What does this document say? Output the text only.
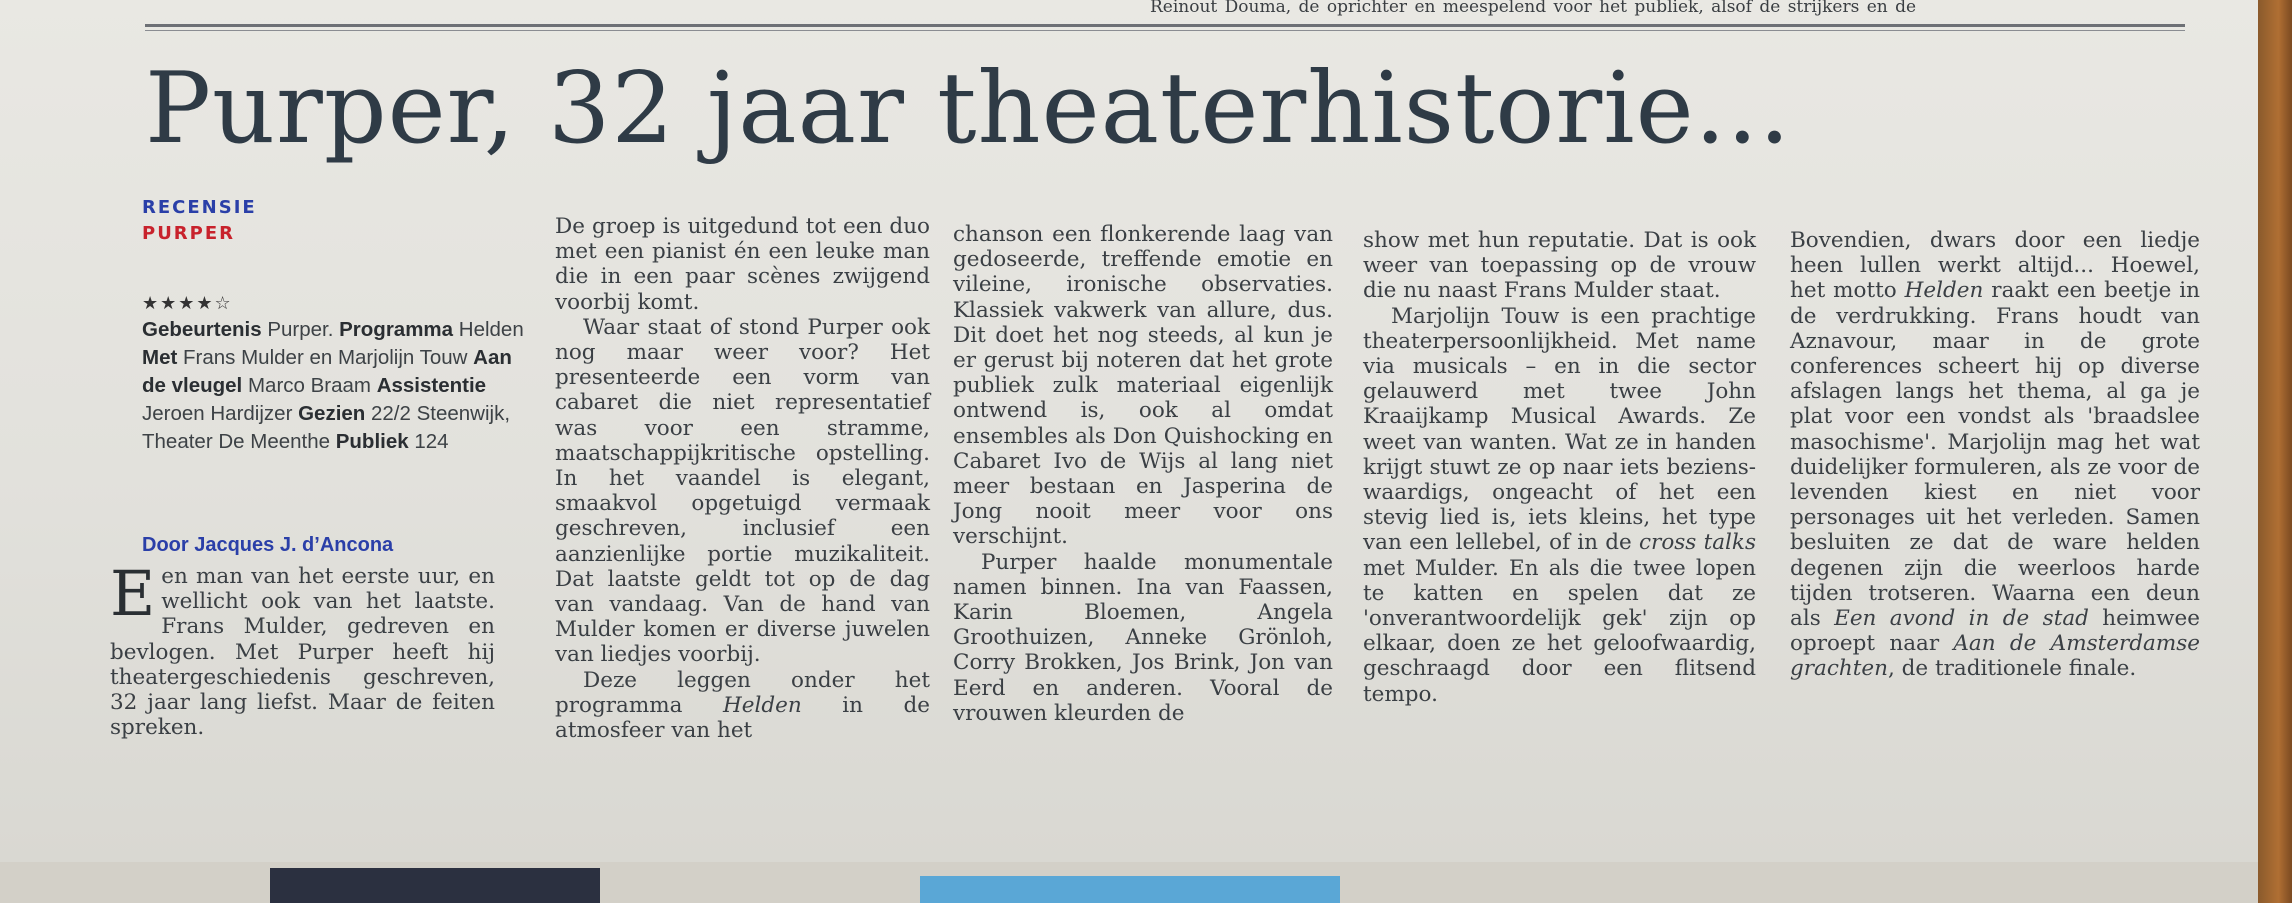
Reinout Douma, de oprichter en meespelend voor het publiek, alsof de strijkers en de
Purper, 32 jaar theaterhistorie...
RECENSIE
PURPER
★★★★☆
Gebeurtenis Purper. Programma Helden Met Frans Mulder en Marjolijn Touw Aan de vleugel Marco Braam Assistentie Jeroen Hardijzer Gezien 22/2 Steenwijk, Theater De Meenthe Publiek 124
Door Jacques J. d’Ancona

Een man van het eerste uur, en wellicht ook van het laatste. Frans Mulder, gedreven en bevlogen. Met Purper heeft hij theatergeschiedenis geschreven, 32 jaar lang liefst. Maar de feiten spreken.

De groep is uitgedund tot een duo met een pianist én een leuke man die in een paar scènes zwijgend voorbij komt.

Waar staat of stond Purper ook nog maar weer voor? Het presenteerde een vorm van cabaret die niet representatief was voor een stramme, maatschappijkritische opstelling. In het vaandel is elegant, smaakvol opgetuigd vermaak geschreven, inclusief een aanzienlijke portie muzikaliteit. Dat laatste geldt tot op de dag van vandaag. Van de hand van Mulder komen er diverse juwelen van liedjes voorbij.

Deze leggen onder het programma Helden in de atmosfeer van het

chanson een flonkerende laag van gedoseerde, treffende emotie en vileine, ironische observaties. Klassiek vakwerk van allure, dus. Dit doet het nog steeds, al kun je er gerust bij noteren dat het grote publiek zulk materiaal eigenlijk ontwend is, ook al omdat ensembles als Don Quishocking en Cabaret Ivo de Wijs al lang niet meer bestaan en Jasperina de Jong nooit meer voor ons verschijnt.

Purper haalde monumentale namen binnen. Ina van Faassen, Karin Bloemen, Angela Groothuizen, Anneke Grönloh, Corry Brokken, Jos Brink, Jon van Eerd en anderen. Vooral de vrouwen kleurden de

show met hun reputatie. Dat is ook weer van toepassing op de vrouw die nu naast Frans Mulder staat.

Marjolijn Touw is een prachtige theaterpersoonlijkheid. Met name via musicals – en in die sector gelauwerd met twee John Kraaijkamp Musical Awards. Ze weet van wanten. Wat ze in handen krijgt stuwt ze op naar iets bezienswaardigs, ongeacht of het een stevig lied is, iets kleins, het type van een lellebel, of in de cross talks met Mulder. En als die twee lopen te katten en spelen dat ze 'onverantwoordelijk gek' zijn op elkaar, doen ze het geloofwaardig, geschraagd door een flitsend tempo.

Bovendien, dwars door een liedje heen lullen werkt altijd... Hoewel, het motto Helden raakt een beetje in de verdrukking. Frans houdt van Aznavour, maar in de grote conferences scheert hij op diverse afslagen langs het thema, al ga je plat voor een vondst als 'braadslee masochisme'. Marjolijn mag het wat duidelijker formuleren, als ze voor de levenden kiest en niet voor personages uit het verleden. Samen besluiten ze dat de ware helden degenen zijn die weerloos harde tijden trotseren. Waarna een deun als Een avond in de stad heimwee oproept naar Aan de Amsterdamse grachten, de traditionele finale.
